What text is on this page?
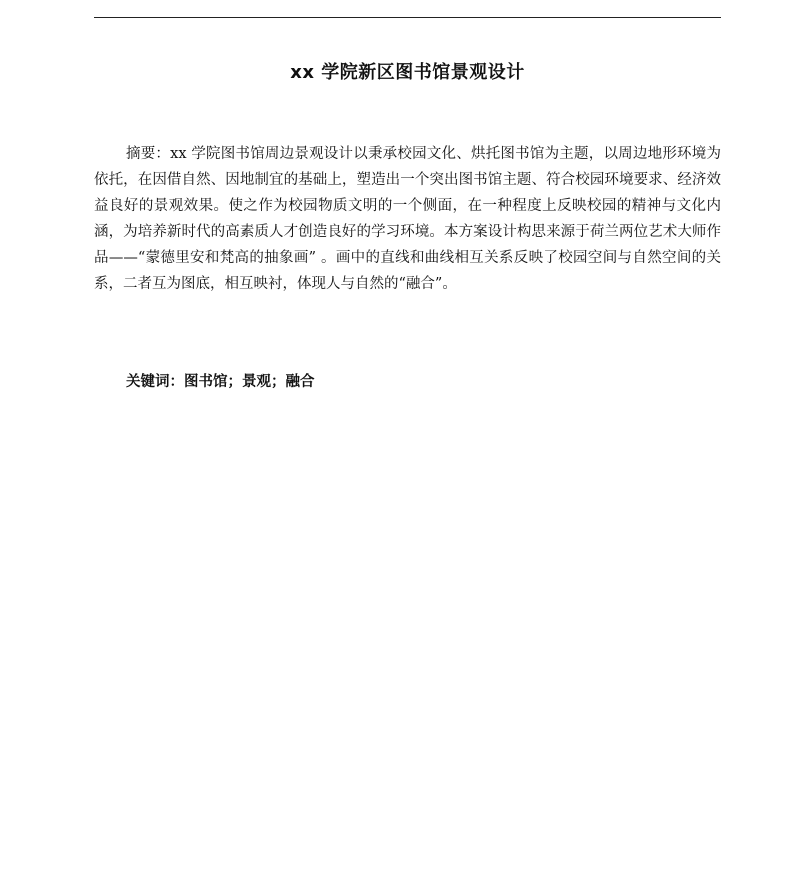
xx 学院新区图书馆景观设计

摘要：xx 学院图书馆周边景观设计以秉承校园文化、烘托图书馆为主题，以周边地形环境为依托，在因借自然、因地制宜的基础上，塑造出一个突出图书馆主题、符合校园环境要求、经济效益良好的景观效果。使之作为校园物质文明的一个侧面，在一种程度上反映校园的精神与文化内涵，为培养新时代的高素质人才创造良好的学习环境。本方案设计构思来源于荷兰两位艺术大师作品——“蒙德里安和梵高的抽象画” 。画中的直线和曲线相互关系反映了校园空间与自然空间的关系，二者互为图底，相互映衬，体现人与自然的“融合”。

关键词：图书馆；景观；融合
